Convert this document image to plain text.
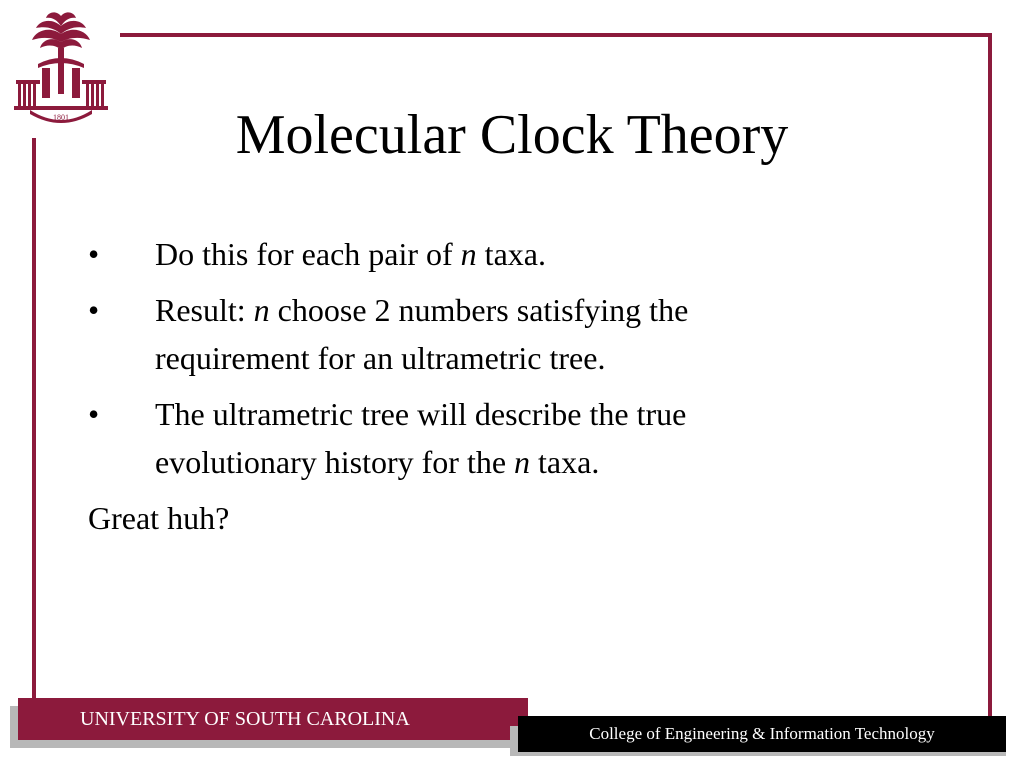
1801	Molecular Clock Theory
• Do this for each pair of n taxa.
• Result: n choose 2 numbers satisfying the requirement for an ultrametric tree.
• The ultrametric tree will describe the true evolutionary history for the n taxa.
Great huh?
UNIVERSITY OF SOUTH CAROLINA
College of Engineering & Information Technology
